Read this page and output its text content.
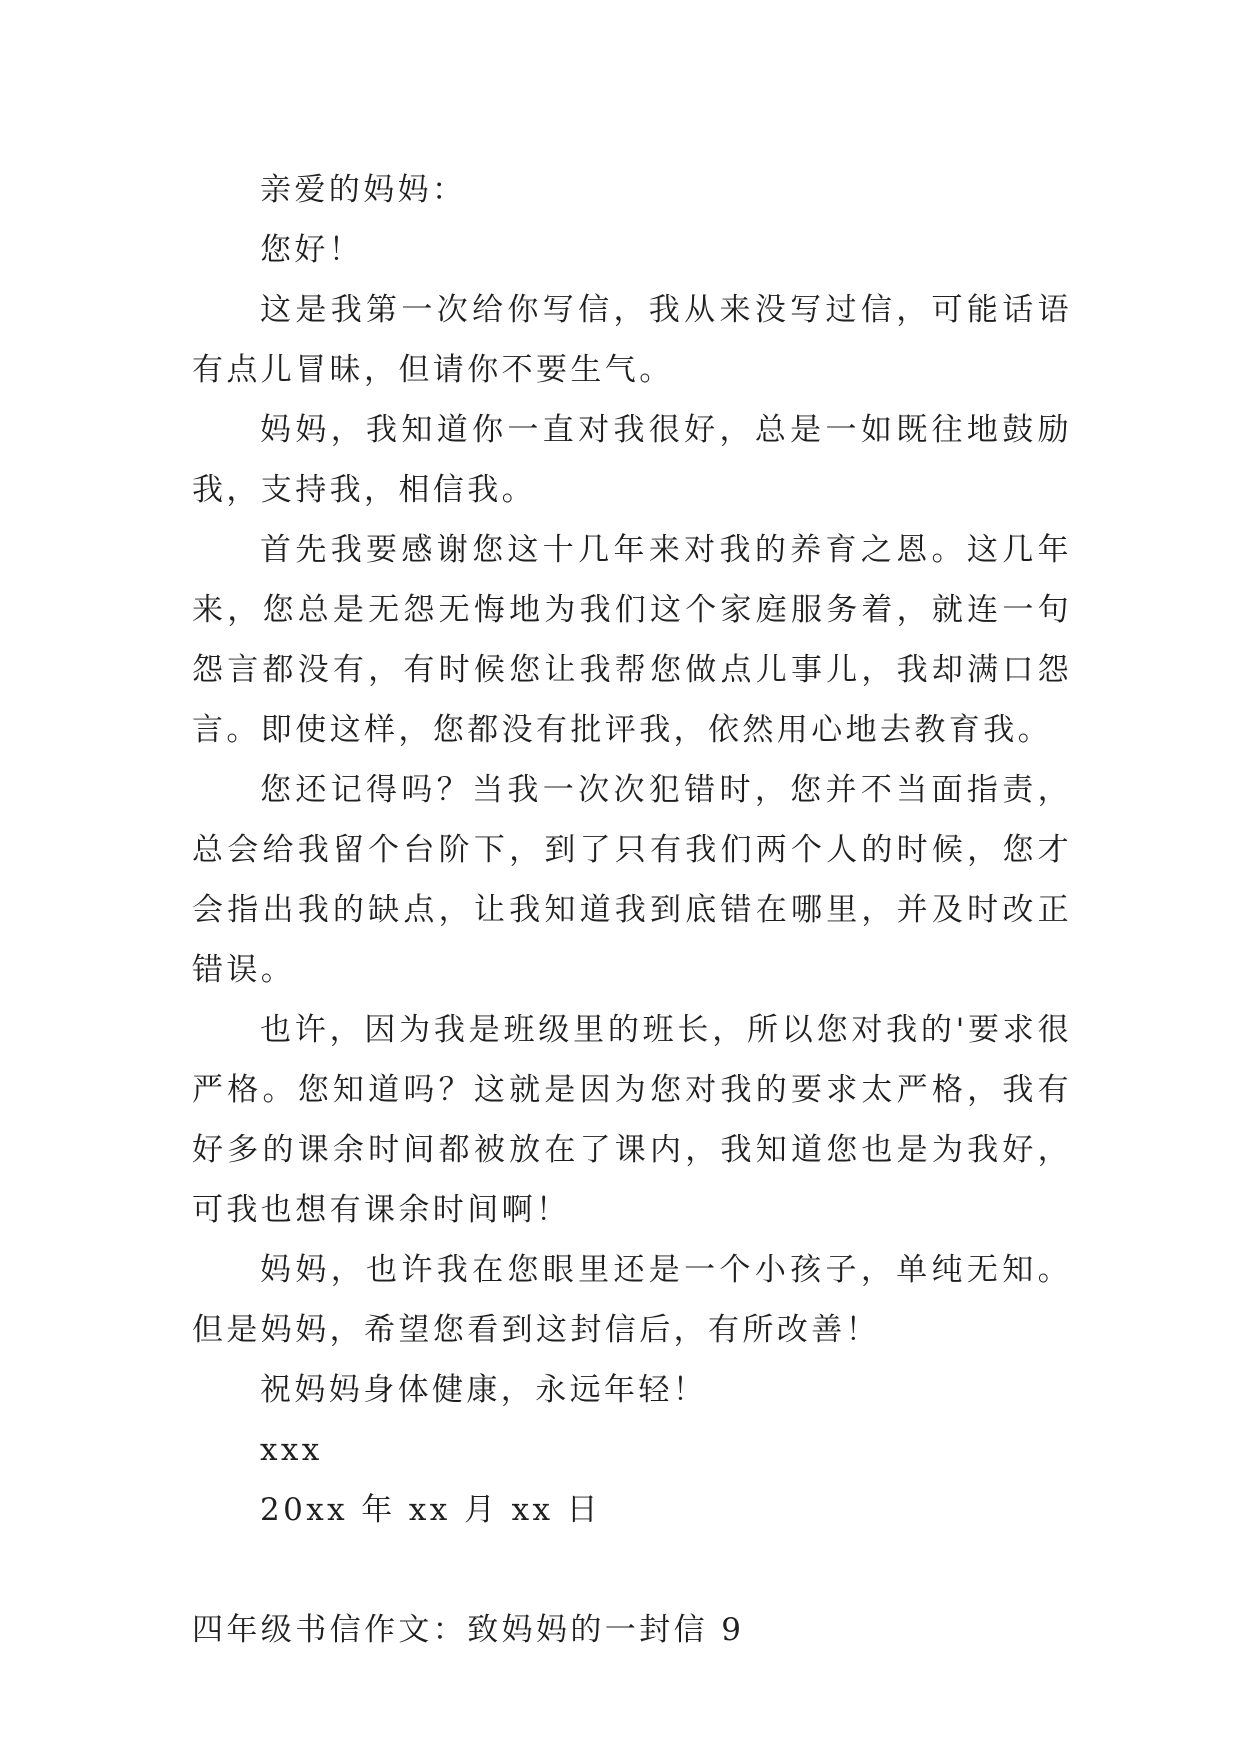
亲爱的妈妈：

您好！

这是我第一次给你写信，我从来没写过信，可能话语有点儿冒昧，但请你不要生气。

妈妈，我知道你一直对我很好，总是一如既往地鼓励我，支持我，相信我。

首先我要感谢您这十几年来对我的养育之恩。这几年来，您总是无怨无悔地为我们这个家庭服务着，就连一句怨言都没有，有时候您让我帮您做点儿事儿，我却满口怨言。即使这样，您都没有批评我，依然用心地去教育我。

您还记得吗？当我一次次犯错时，您并不当面指责，总会给我留个台阶下，到了只有我们两个人的时候，您才会指出我的缺点，让我知道我到底错在哪里，并及时改正错误。

也许，因为我是班级里的班长，所以您对我的'要求很严格。您知道吗？这就是因为您对我的要求太严格，我有好多的课余时间都被放在了课内，我知道您也是为我好，可我也想有课余时间啊！

妈妈，也许我在您眼里还是一个小孩子，单纯无知。但是妈妈，希望您看到这封信后，有所改善！

祝妈妈身体健康，永远年轻！

xxx

20xx 年 xx 月 xx 日

四年级书信作文：致妈妈的一封信 9
